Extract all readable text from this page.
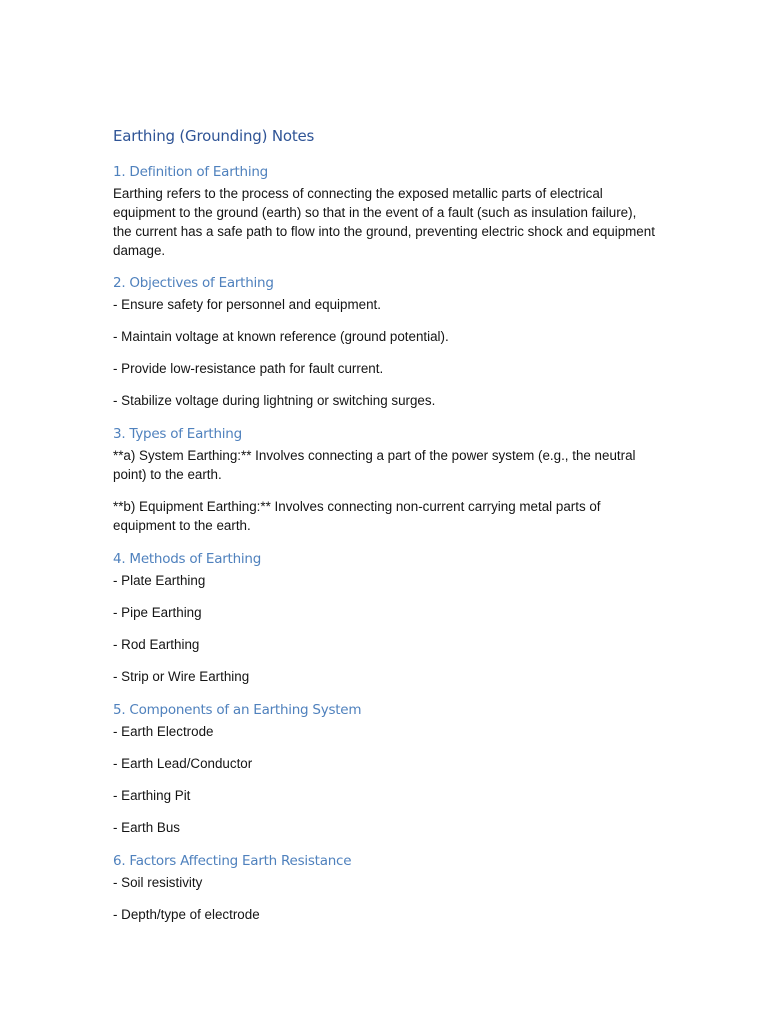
Earthing (Grounding) Notes
1. Definition of Earthing

Earthing refers to the process of connecting the exposed metallic parts of electrical equipment to the ground (earth) so that in the event of a fault (such as insulation failure), the current has a safe path to flow into the ground, preventing electric shock and equipment damage.

2. Objectives of Earthing

- Ensure safety for personnel and equipment.

- Maintain voltage at known reference (ground potential).

- Provide low-resistance path for fault current.

- Stabilize voltage during lightning or switching surges.

3. Types of Earthing

**a) System Earthing:** Involves connecting a part of the power system (e.g., the neutral point) to the earth.

**b) Equipment Earthing:** Involves connecting non-current carrying metal parts of equipment to the earth.

4. Methods of Earthing

- Plate Earthing

- Pipe Earthing

- Rod Earthing

- Strip or Wire Earthing

5. Components of an Earthing System

- Earth Electrode

- Earth Lead/Conductor

- Earthing Pit

- Earth Bus

6. Factors Affecting Earth Resistance

- Soil resistivity

- Depth/type of electrode
